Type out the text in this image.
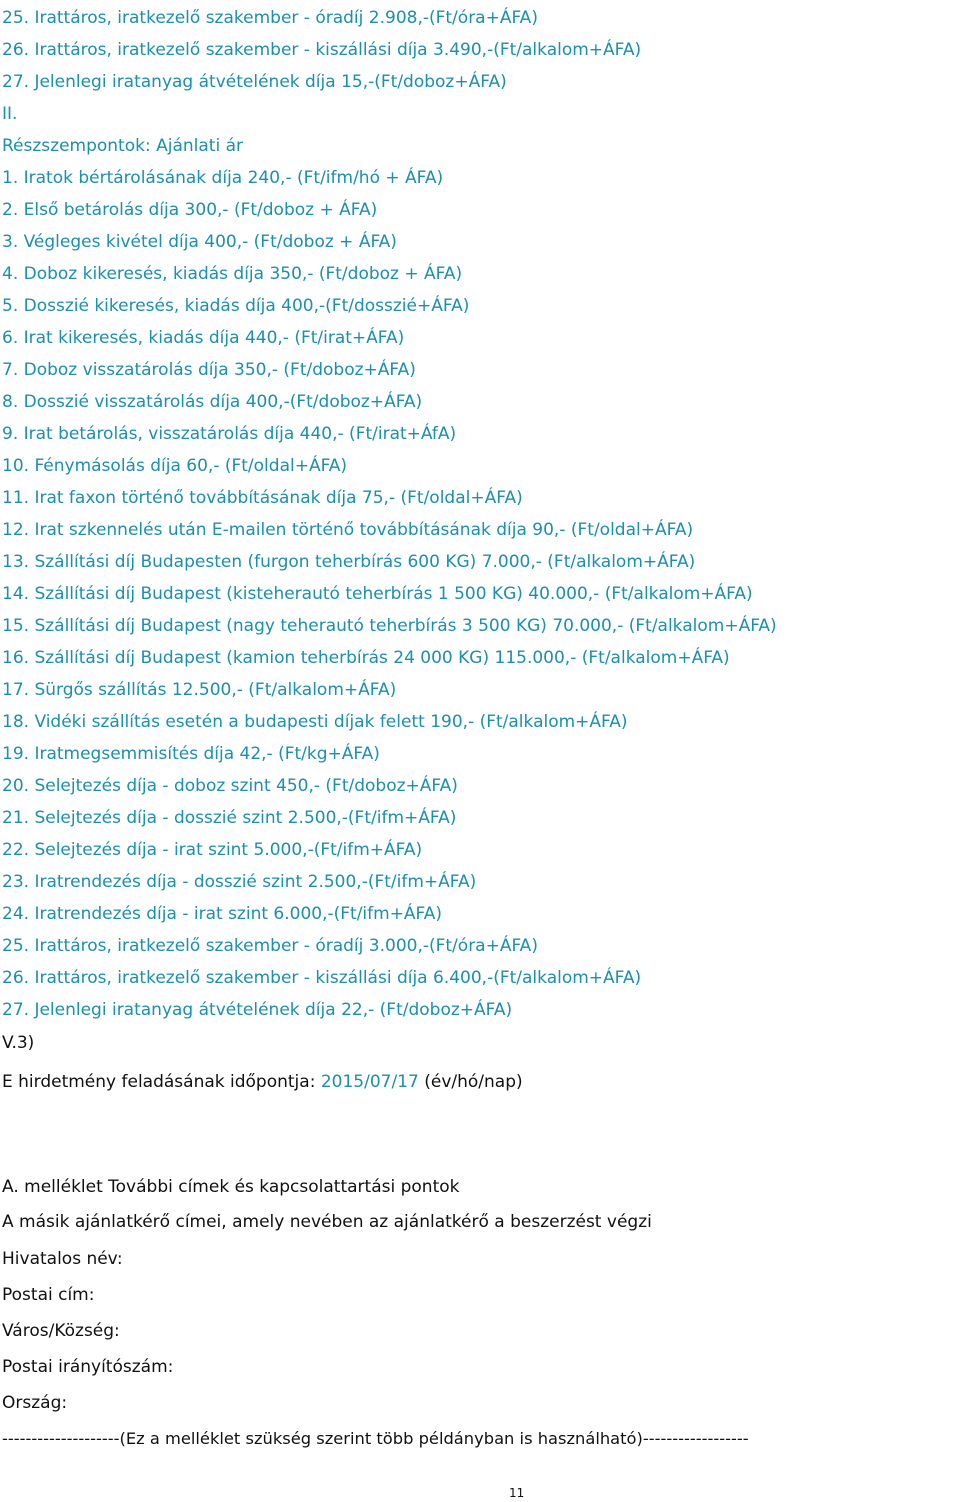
25. Irattáros, iratkezelő szakember - óradíj 2.908,-(Ft/óra+ÁFA)
26. Irattáros, iratkezelő szakember - kiszállási díja 3.490,-(Ft/alkalom+ÁFA)
27. Jelenlegi iratanyag átvételének díja 15,-(Ft/doboz+ÁFA)
II.
Részszempontok: Ajánlati ár
1. Iratok bértárolásának díja 240,- (Ft/ifm/hó + ÁFA)
2. Első betárolás díja 300,- (Ft/doboz + ÁFA)
3. Végleges kivétel díja 400,- (Ft/doboz + ÁFA)
4. Doboz kikeresés, kiadás díja 350,- (Ft/doboz + ÁFA)
5. Dosszié kikeresés, kiadás díja 400,-(Ft/dosszié+ÁFA)
6. Irat kikeresés, kiadás díja 440,- (Ft/irat+ÁFA)
7. Doboz visszatárolás díja 350,- (Ft/doboz+ÁFA)
8. Dosszié visszatárolás díja 400,-(Ft/doboz+ÁFA)
9. Irat betárolás, visszatárolás díja 440,- (Ft/irat+ÁfA)
10. Fénymásolás díja 60,- (Ft/oldal+ÁFA)
11. Irat faxon történő továbbításának díja 75,- (Ft/oldal+ÁFA)
12. Irat szkennelés után E-mailen történő továbbításának díja 90,- (Ft/oldal+ÁFA)
13. Szállítási díj Budapesten (furgon teherbírás 600 KG) 7.000,- (Ft/alkalom+ÁFA)
14. Szállítási díj Budapest (kisteherautó teherbírás 1 500 KG) 40.000,- (Ft/alkalom+ÁFA)
15. Szállítási díj Budapest (nagy teherautó teherbírás 3 500 KG) 70.000,- (Ft/alkalom+ÁFA)
16. Szállítási díj Budapest (kamion teherbírás 24 000 KG) 115.000,- (Ft/alkalom+ÁFA)
17. Sürgős szállítás 12.500,- (Ft/alkalom+ÁFA)
18. Vidéki szállítás esetén a budapesti díjak felett 190,- (Ft/alkalom+ÁFA)
19. Iratmegsemmisítés díja 42,- (Ft/kg+ÁFA)
20. Selejtezés díja - doboz szint 450,- (Ft/doboz+ÁFA)
21. Selejtezés díja - dosszié szint 2.500,-(Ft/ifm+ÁFA)
22. Selejtezés díja - irat szint 5.000,-(Ft/ifm+ÁFA)
23. Iratrendezés díja - dosszié szint 2.500,-(Ft/ifm+ÁFA)
24. Iratrendezés díja - irat szint 6.000,-(Ft/ifm+ÁFA)
25. Irattáros, iratkezelő szakember - óradíj 3.000,-(Ft/óra+ÁFA)
26. Irattáros, iratkezelő szakember - kiszállási díja 6.400,-(Ft/alkalom+ÁFA)
27. Jelenlegi iratanyag átvételének díja 22,- (Ft/doboz+ÁFA)
V.3)
E hirdetmény feladásának időpontja: 2015/07/17 (év/hó/nap)
A. melléklet További címek és kapcsolattartási pontok
A másik ajánlatkérő címei, amely nevében az ajánlatkérő a beszerzést végzi
Hivatalos név:
Postai cím:
Város/Község:
Postai irányítószám:
Ország:
--------------------(Ez a melléklet szükség szerint több példányban is használható)------------------
11
